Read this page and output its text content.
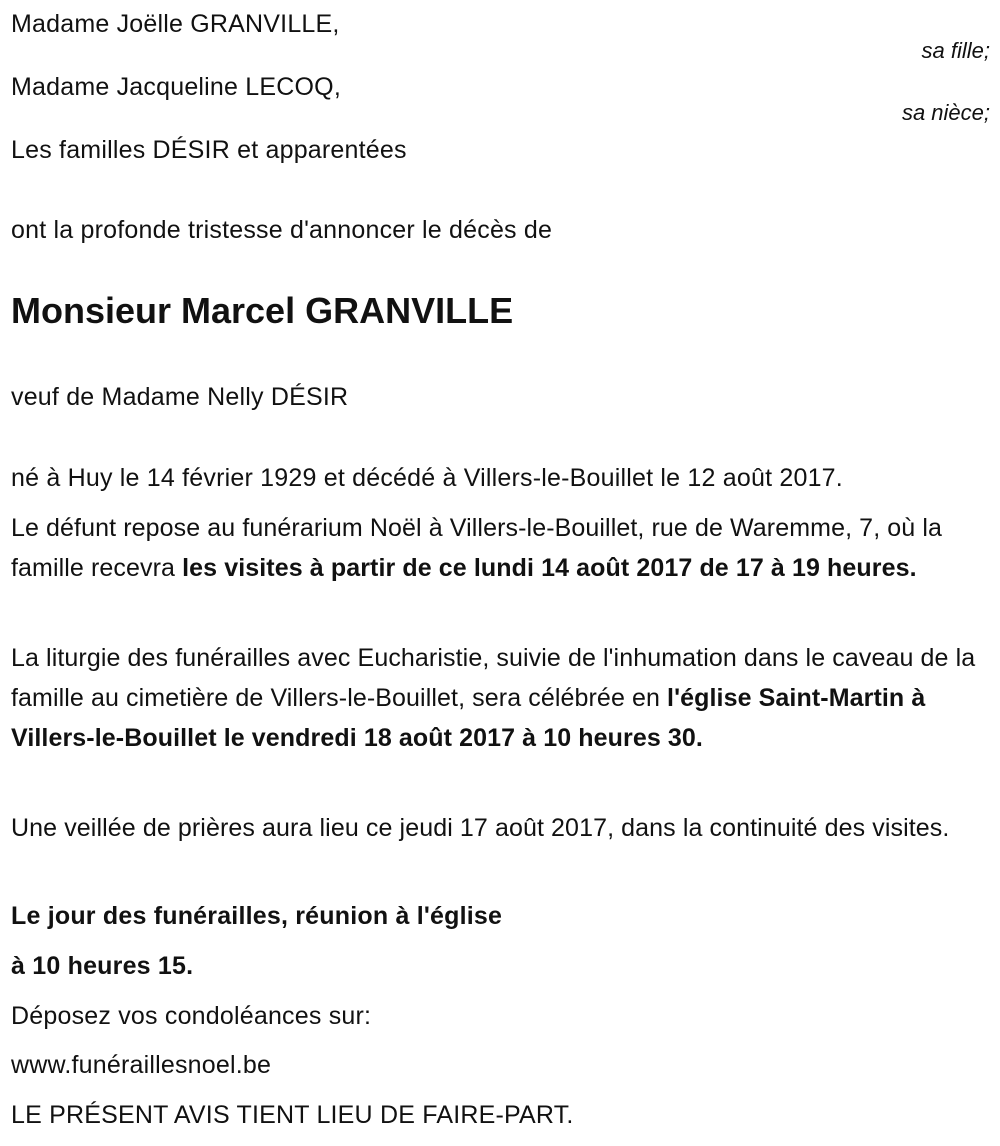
Madame Joëlle GRANVILLE,
sa fille;
Madame Jacqueline LECOQ,
sa nièce;
Les familles DÉSIR et apparentées
ont la profonde tristesse d'annoncer le décès de
Monsieur Marcel GRANVILLE
veuf de Madame Nelly DÉSIR
né à Huy le 14 février 1929 et décédé à Villers-le-Bouillet le 12 août 2017.
Le défunt repose au funérarium Noël à Villers-le-Bouillet, rue de Waremme, 7, où la famille recevra les visites à partir de ce lundi 14 août 2017 de 17 à 19 heures.
La liturgie des funérailles avec Eucharistie, suivie de l'inhumation dans le caveau de la famille au cimetière de Villers-le-Bouillet, sera célébrée en l'église Saint-Martin à Villers-le-Bouillet le vendredi 18 août 2017 à 10 heures 30.
Une veillée de prières aura lieu ce jeudi 17 août 2017, dans la continuité des visites.
Le jour des funérailles, réunion à l'église
à 10 heures 15.
Déposez vos condoléances sur:
www.funéraillesnoel.be
LE PRÉSENT AVIS TIENT LIEU DE FAIRE-PART.
